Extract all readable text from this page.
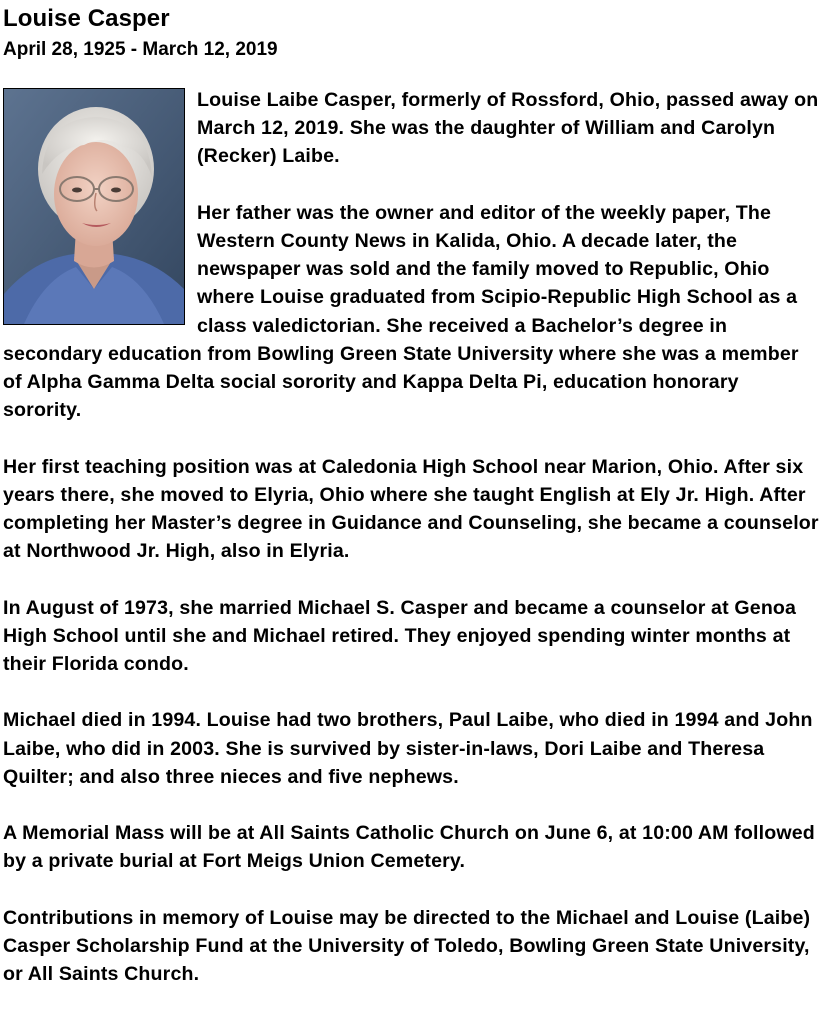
Louise Casper
April 28, 1925 - March 12, 2019

Louise Laibe Casper, formerly of Rossford, Ohio, passed away on March 12, 2019. She was the daughter of William and Carolyn (Recker) Laibe.

Her father was the owner and editor of the weekly paper, The Western County News in Kalida, Ohio. A decade later, the newspaper was sold and the family moved to Republic, Ohio where Louise graduated from Scipio-Republic High School as a class valedictorian. She received a Bachelor’s degree in secondary education from Bowling Green State University where she was a member of Alpha Gamma Delta social sorority and Kappa Delta Pi, education honorary sorority.

Her first teaching position was at Caledonia High School near Marion, Ohio. After six years there, she moved to Elyria, Ohio where she taught English at Ely Jr. High. After completing her Master’s degree in Guidance and Counseling, she became a counselor at Northwood Jr. High, also in Elyria.

In August of 1973, she married Michael S. Casper and became a counselor at Genoa High School until she and Michael retired. They enjoyed spending winter months at their Florida condo.

Michael died in 1994. Louise had two brothers, Paul Laibe, who died in 1994 and John Laibe, who did in 2003. She is survived by sister-in-laws, Dori Laibe and Theresa Quilter; and also three nieces and five nephews.

A Memorial Mass will be at All Saints Catholic Church on June 6, at 10:00 AM followed by a private burial at Fort Meigs Union Cemetery.

Contributions in memory of Louise may be directed to the Michael and Louise (Laibe) Casper Scholarship Fund at the University of Toledo, Bowling Green State University, or All Saints Church.
